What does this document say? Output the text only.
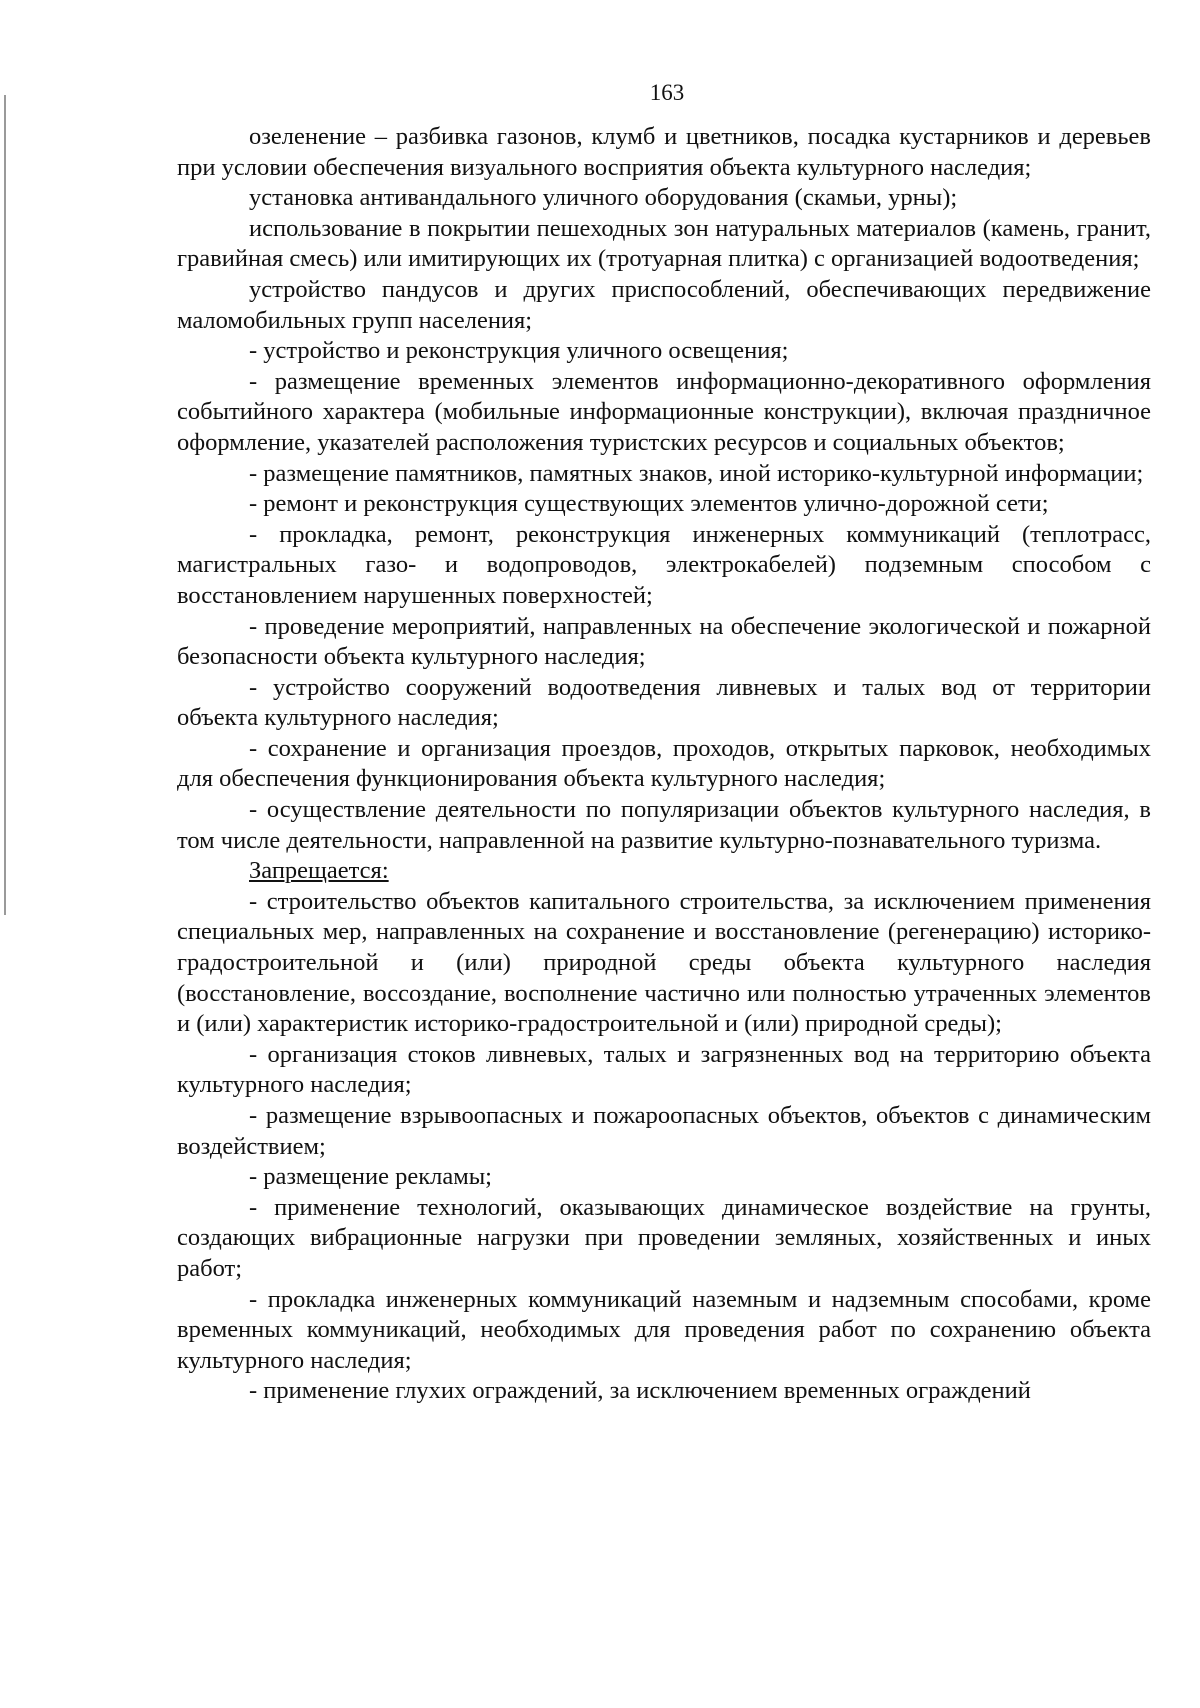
163

озеленение – разбивка газонов, клумб и цветников, посадка кустарников и деревьев при условии обеспечения визуального восприятия объекта культурного наследия;

установка антивандального уличного оборудования (скамьи, урны);

использование в покрытии пешеходных зон натуральных материалов (камень, гранит, гравийная смесь) или имитирующих их (тротуарная плитка) с организацией водоотведения;

устройство пандусов и других приспособлений, обеспечивающих передвижение маломобильных групп населения;

- устройство и реконструкция уличного освещения;

- размещение временных элементов информационно-декоративного оформления событийного характера (мобильные информационные конструкции), включая праздничное оформление, указателей расположения туристских ресурсов и социальных объектов;

- размещение памятников, памятных знаков, иной историко-культурной информации;

- ремонт и реконструкция существующих элементов улично-дорожной сети;

- прокладка, ремонт, реконструкция инженерных коммуникаций (теплотрасс, магистральных газо- и водопроводов, электрокабелей) подземным способом с восстановлением нарушенных поверхностей;

- проведение мероприятий, направленных на обеспечение экологической и пожарной безопасности объекта культурного наследия;

- устройство сооружений водоотведения ливневых и талых вод от территории объекта культурного наследия;

- сохранение и организация проездов, проходов, открытых парковок, необходимых для обеспечения функционирования объекта культурного наследия;

- осуществление деятельности по популяризации объектов культурного наследия, в том числе деятельности, направленной на развитие культурно-познавательного туризма.

Запрещается:

- строительство объектов капитального строительства, за исключением применения специальных мер, направленных на сохранение и восстановление (регенерацию) историко-градостроительной и (или) природной среды объекта культурного наследия (восстановление, воссоздание, восполнение частично или полностью утраченных элементов и (или) характеристик историко-градостроительной и (или) природной среды);

- организация стоков ливневых, талых и загрязненных вод на территорию объекта культурного наследия;

- размещение взрывоопасных и пожароопасных объектов, объектов с динамическим воздействием;

- размещение рекламы;

- применение технологий, оказывающих динамическое воздействие на грунты, создающих вибрационные нагрузки при проведении земляных, хозяйственных и иных работ;

- прокладка инженерных коммуникаций наземным и надземным способами, кроме временных коммуникаций, необходимых для проведения работ по сохранению объекта культурного наследия;

- применение глухих ограждений, за исключением временных ограждений
